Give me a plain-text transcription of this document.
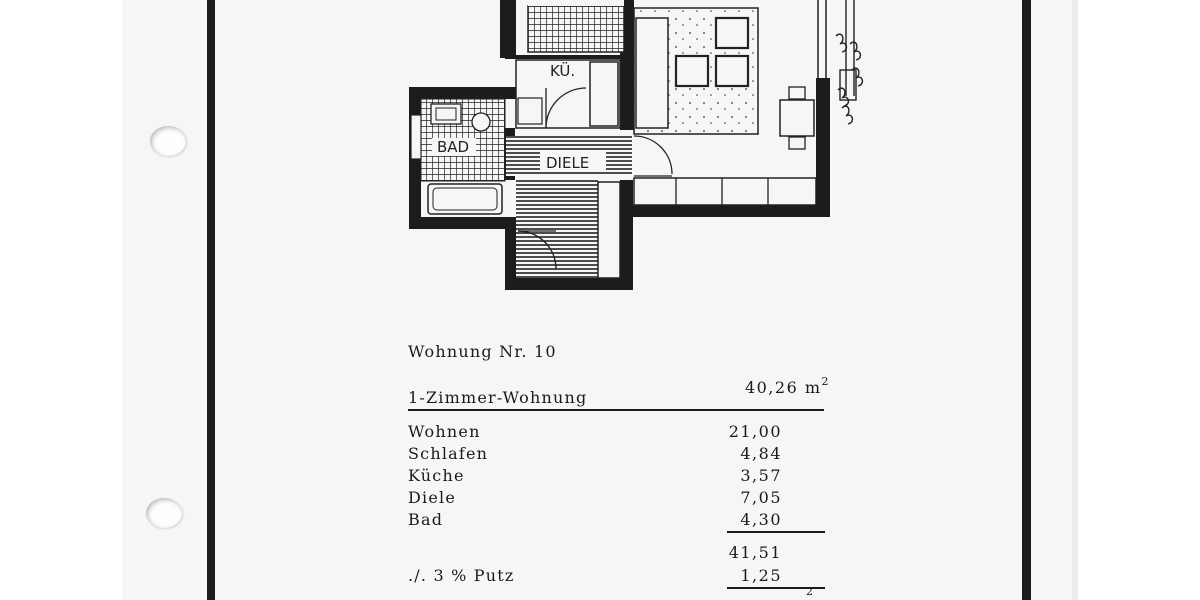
KÜ.
BAD
DIELE
Wohnung Nr. 10
1-Zimmer-Wohnung
40,26 $m^2$
Wohnen	21,00
Schlafen	4,84
Küche	3,57
Diele	7,05
Bad	4,30
41,51
./. 3 % Putz	1,25
2
